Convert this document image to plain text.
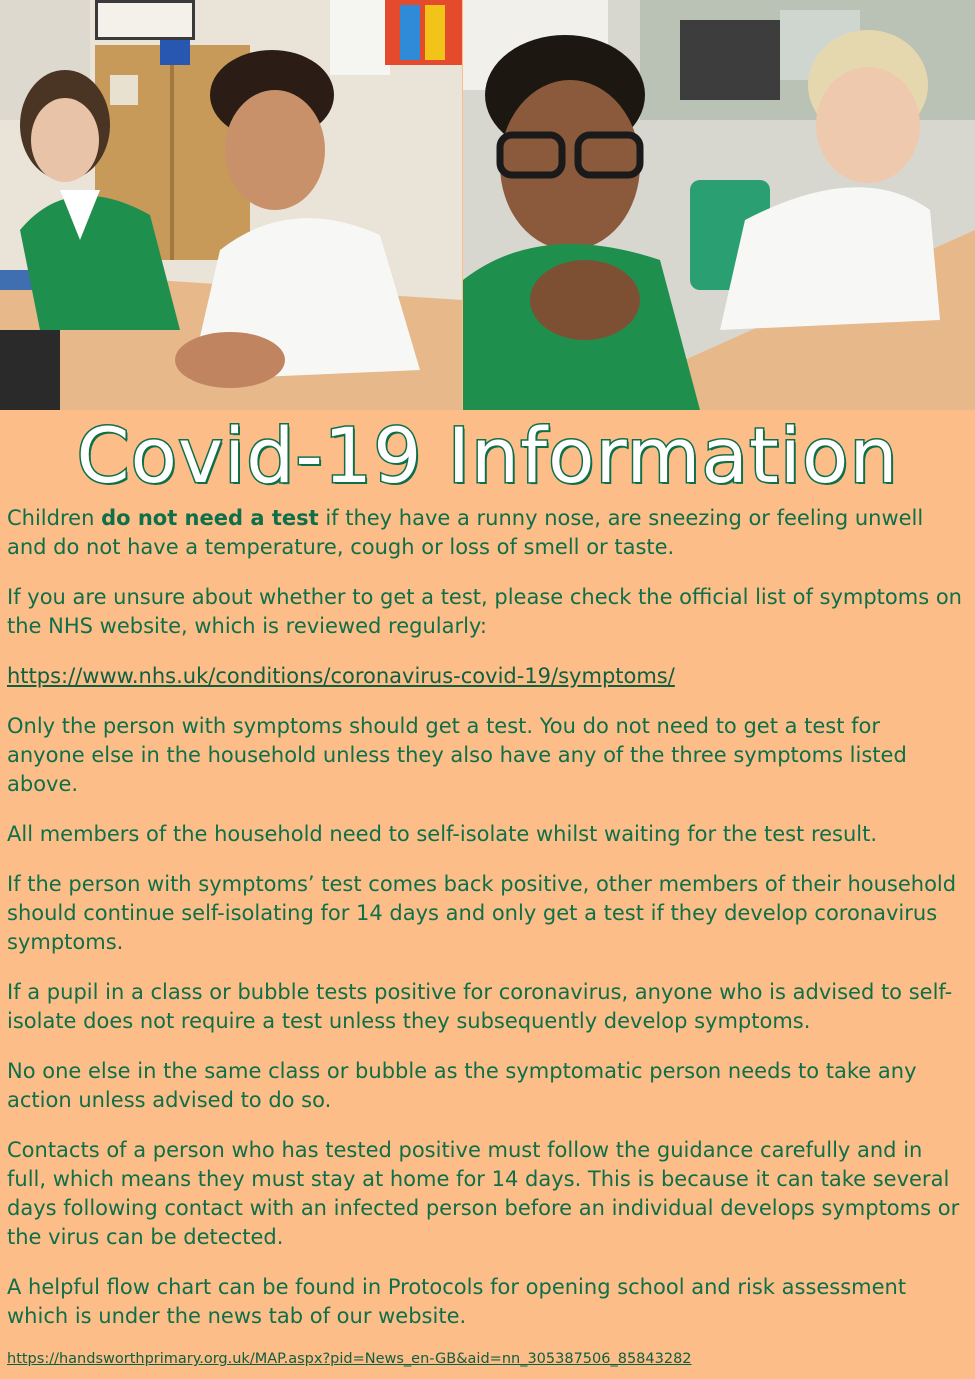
Covid-19 Information

Children do not need a test if they have a runny nose, are sneezing or feeling unwell and do not have a temperature, cough or loss of smell or taste.

If you are unsure about whether to get a test, please check the official list of symptoms on the NHS website, which is reviewed regularly:

https://www.nhs.uk/conditions/coronavirus-covid-19/symptoms/

Only the person with symptoms should get a test. You do not need to get a test for anyone else in the household unless they also have any of the three symptoms listed above.

All members of the household need to self-isolate whilst waiting for the test result.

If the person with symptoms’ test comes back positive, other members of their household should continue self-isolating for 14 days and only get a test if they develop coronavirus symptoms.

If a pupil in a class or bubble tests positive for coronavirus, anyone who is advised to self-isolate does not require a test unless they subsequently develop symptoms.

No one else in the same class or bubble as the symptomatic person needs to take any action unless advised to do so.

Contacts of a person who has tested positive must follow the guidance carefully and in full, which means they must stay at home for 14 days. This is because it can take several days following contact with an infected person before an individual develops symptoms or the virus can be detected.

A helpful flow chart can be found in Protocols for opening school and risk assessment which is under the news tab of our website.

https://handsworthprimary.org.uk/MAP.aspx?pid=News_en-GB&aid=nn_305387506_85843282
